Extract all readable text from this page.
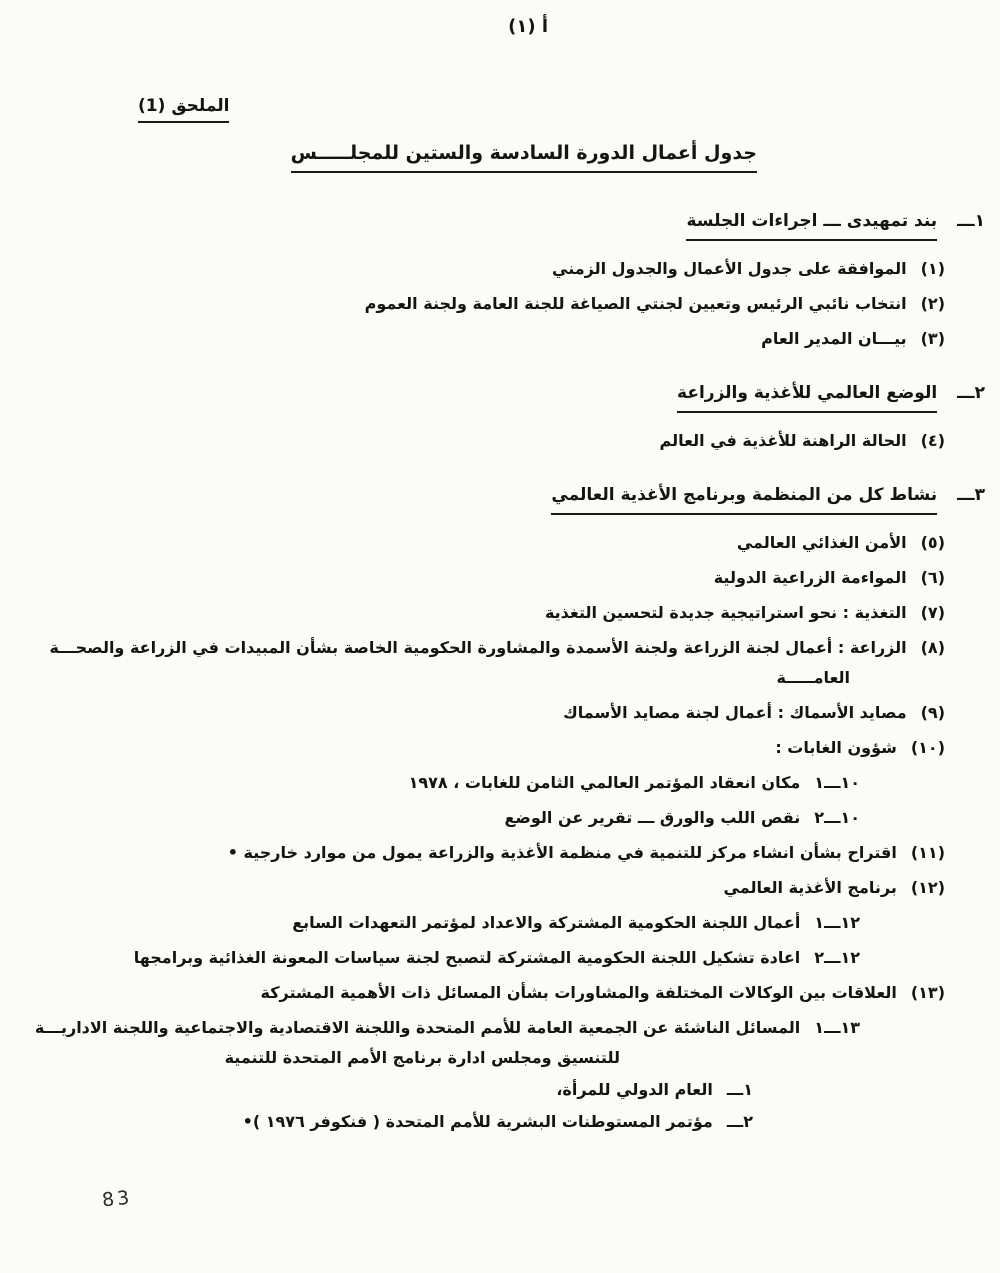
أ (١)
الملحق (1)
جدول أعمال الدورة السادسة والستين للمجلـــــس
١ـــ
بند تمهيدى ـــ اجراءات الجلسة
(١)
الموافقة على جدول الأعمال والجدول الزمني
(٢)
انتخاب نائبي الرئيس وتعيين لجنتي الصياغة للجنة العامة ولجنة العموم
(٣)
بيـــان المدير العام
٢ـــ
الوضع العالمي للأغذية والزراعة
(٤)
الحالة الراهنة للأغذية في العالم
٣ـــ
نشاط كل من المنظمة وبرنامج الأغذية العالمي
(٥)
الأمن الغذائي العالمي
(٦)
المواءمة الزراعية الدولية
(٧)
التغذية : نحو استراتيجية جديدة لتحسين التغذية
(٨)
الزراعة : أعمال لجنة الزراعة ولجنة الأسمدة والمشاورة الحكومية الخاصة بشأن المبيدات في الزراعة والصحـــة
العامـــــة
(٩)
مصايد الأسماك : أعمال لجنة مصايد الأسماك
(١٠)
شؤون الغابات :
١٠ـــ١
مكان انعقاد المؤتمر العالمي الثامن للغابات ، ١٩٧٨
١٠ـــ٢
نقص اللب والورق ـــ تقرير عن الوضع
(١١)
اقتراح بشأن انشاء مركز للتنمية في منظمة الأغذية والزراعة يمول من موارد خارجية •
(١٢)
برنامج الأغذية العالمي
١٢ـــ١
أعمال اللجنة الحكومية المشتركة والاعداد لمؤتمر التعهدات السابع
١٢ـــ٢
اعادة تشكيل اللجنة الحكومية المشتركة لتصبح لجنة سياسات المعونة الغذائية وبرامجها
(١٣)
العلاقات بين الوكالات المختلفة والمشاورات بشأن المسائل ذات الأهمية المشتركة
١٣ـــ١
المسائل الناشئة عن الجمعية العامة للأمم المتحدة واللجنة الاقتصادية والاجتماعية واللجنة الاداريـــة
للتنسيق ومجلس ادارة برنامج الأمم المتحدة للتنمية
١ـــ
العام الدولي للمرأة،
٢ـــ
مؤتمر المستوطنات البشرية للأمم المتحدة ( فنكوفر ١٩٧٦ )•
83
